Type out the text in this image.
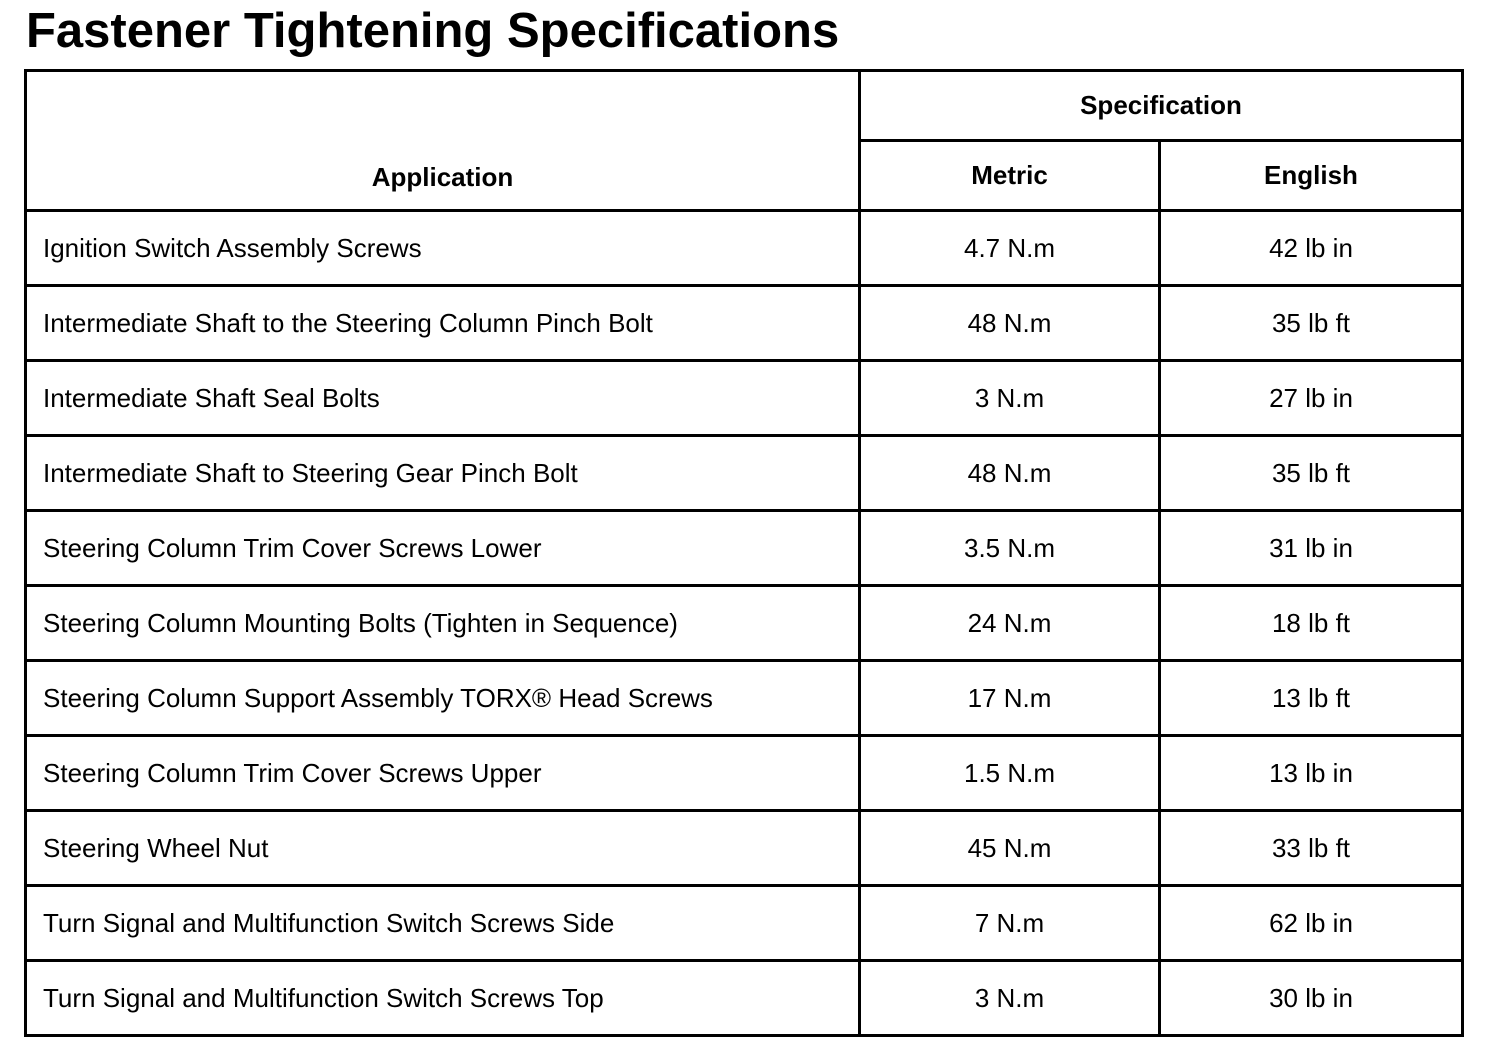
Fastener Tightening Specifications
Application	Specification	
	Metric	English
Ignition Switch Assembly Screws	4.7 N.m	42 lb in
Intermediate Shaft to the Steering Column Pinch Bolt	48 N.m	35 lb ft
Intermediate Shaft Seal Bolts	3 N.m	27 lb in
Intermediate Shaft to Steering Gear Pinch Bolt	48 N.m	35 lb ft
Steering Column Trim Cover Screws Lower	3.5 N.m	31 lb in
Steering Column Mounting Bolts (Tighten in Sequence)	24 N.m	18 lb ft
Steering Column Support Assembly TORX® Head Screws	17 N.m	13 lb ft
Steering Column Trim Cover Screws Upper	1.5 N.m	13 lb in
Steering Wheel Nut	45 N.m	33 lb ft
Turn Signal and Multifunction Switch Screws Side	7 N.m	62 lb in
Turn Signal and Multifunction Switch Screws Top	3 N.m	30 lb in
